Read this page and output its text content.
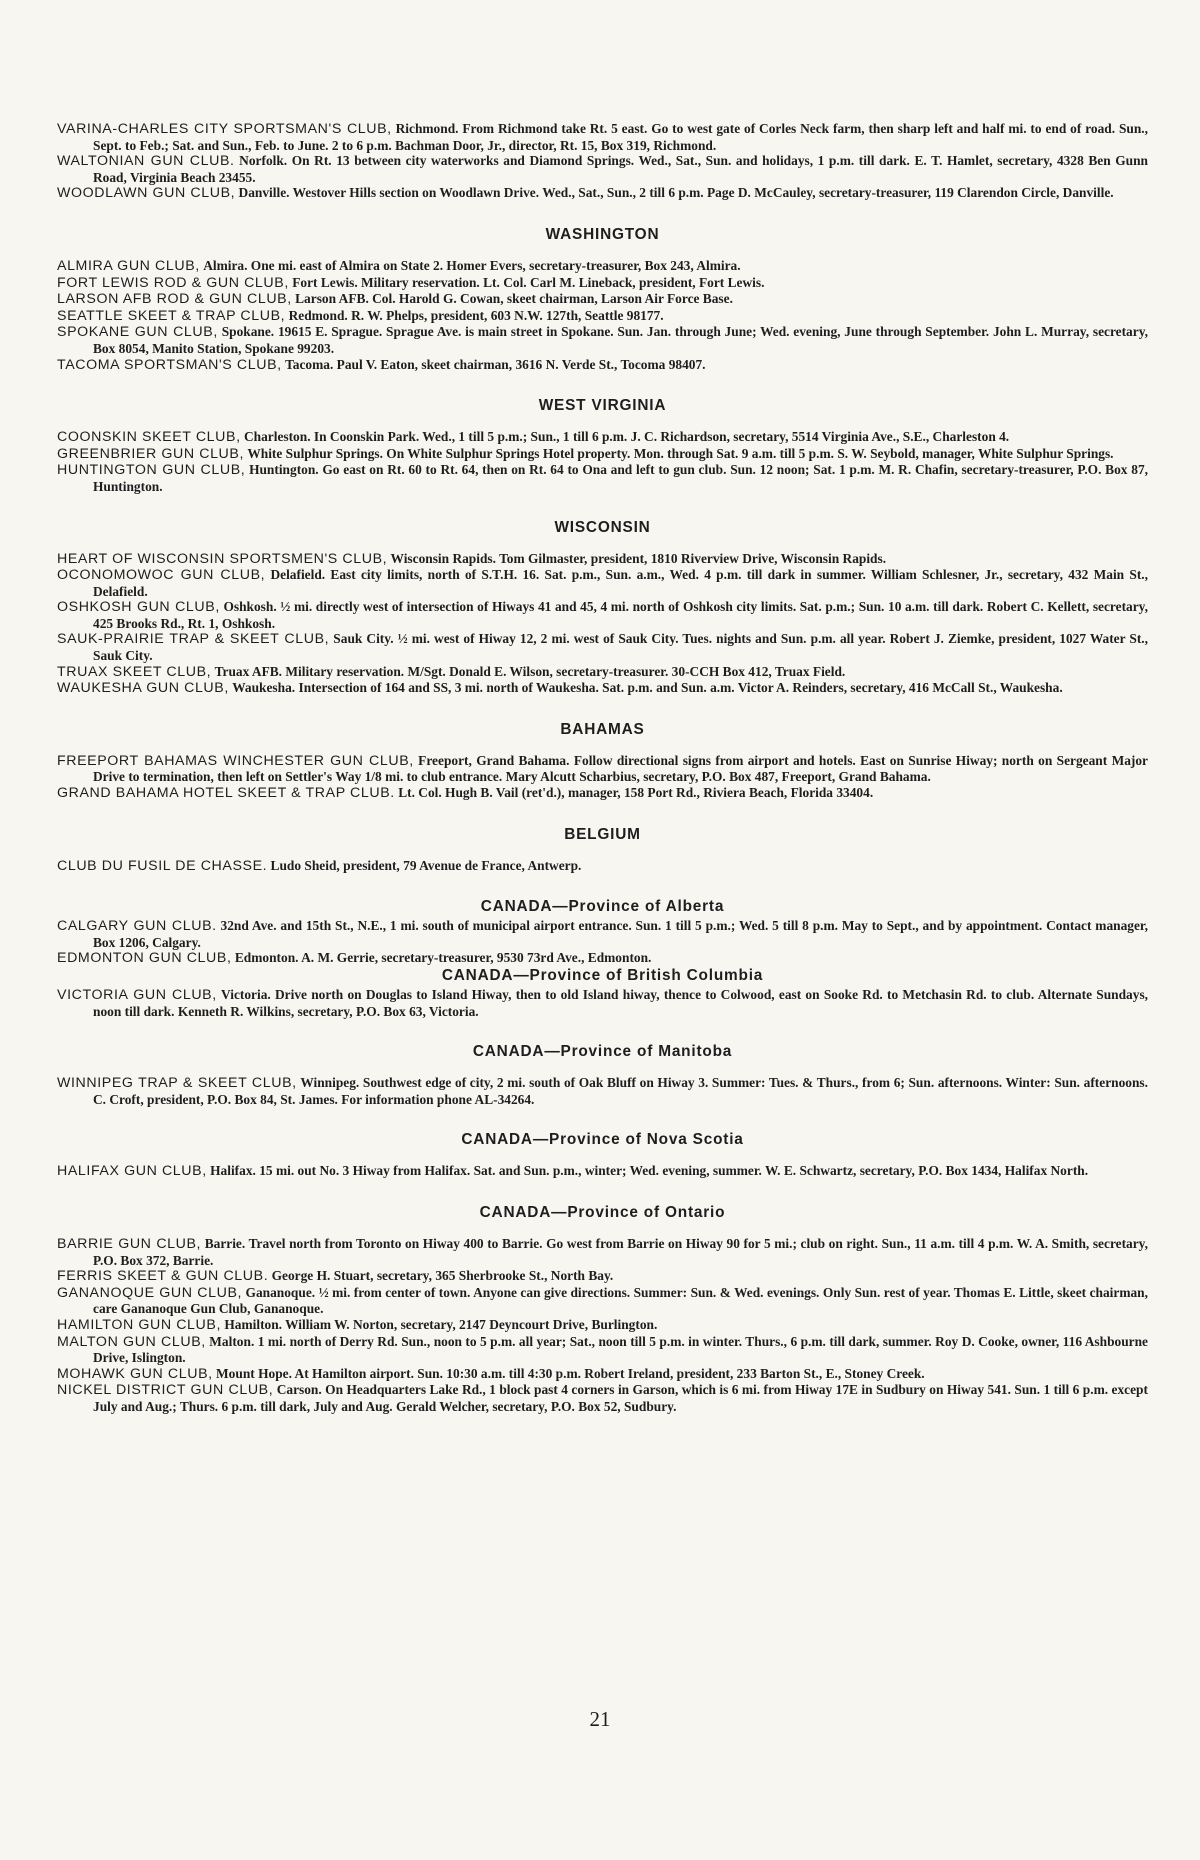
VARINA-CHARLES CITY SPORTSMAN'S CLUB, Richmond. From Richmond take Rt. 5 east. Go to west gate of Corles Neck farm, then sharp left and half mi. to end of road. Sun., Sept. to Feb.; Sat. and Sun., Feb. to June. 2 to 6 p.m. Bachman Door, Jr., director, Rt. 15, Box 319, Richmond.

WALTONIAN GUN CLUB. Norfolk. On Rt. 13 between city waterworks and Diamond Springs. Wed., Sat., Sun. and holidays, 1 p.m. till dark. E. T. Hamlet, secretary, 4328 Ben Gunn Road, Virginia Beach 23455.

WOODLAWN GUN CLUB, Danville. Westover Hills section on Woodlawn Drive. Wed., Sat., Sun., 2 till 6 p.m. Page D. McCauley, secretary-treasurer, 119 Clarendon Circle, Danville.

WASHINGTON

ALMIRA GUN CLUB, Almira. One mi. east of Almira on State 2. Homer Evers, secretary-treasurer, Box 243, Almira.

FORT LEWIS ROD & GUN CLUB, Fort Lewis. Military reservation. Lt. Col. Carl M. Lineback, president, Fort Lewis.

LARSON AFB ROD & GUN CLUB, Larson AFB. Col. Harold G. Cowan, skeet chairman, Larson Air Force Base.

SEATTLE SKEET & TRAP CLUB, Redmond. R. W. Phelps, president, 603 N.W. 127th, Seattle 98177.

SPOKANE GUN CLUB, Spokane. 19615 E. Sprague. Sprague Ave. is main street in Spokane. Sun. Jan. through June; Wed. evening, June through September. John L. Murray, secretary, Box 8054, Manito Station, Spokane 99203.

TACOMA SPORTSMAN'S CLUB, Tacoma. Paul V. Eaton, skeet chairman, 3616 N. Verde St., Tocoma 98407.

WEST VIRGINIA

COONSKIN SKEET CLUB, Charleston. In Coonskin Park. Wed., 1 till 5 p.m.; Sun., 1 till 6 p.m. J. C. Richardson, secretary, 5514 Virginia Ave., S.E., Charleston 4.

GREENBRIER GUN CLUB, White Sulphur Springs. On White Sulphur Springs Hotel property. Mon. through Sat. 9 a.m. till 5 p.m. S. W. Seybold, manager, White Sulphur Springs.

HUNTINGTON GUN CLUB, Huntington. Go east on Rt. 60 to Rt. 64, then on Rt. 64 to Ona and left to gun club. Sun. 12 noon; Sat. 1 p.m. M. R. Chafin, secretary-treasurer, P.O. Box 87, Huntington.

WISCONSIN

HEART OF WISCONSIN SPORTSMEN'S CLUB, Wisconsin Rapids. Tom Gilmaster, president, 1810 Riverview Drive, Wisconsin Rapids.

OCONOMOWOC GUN CLUB, Delafield. East city limits, north of S.T.H. 16. Sat. p.m., Sun. a.m., Wed. 4 p.m. till dark in summer. William Schlesner, Jr., secretary, 432 Main St., Delafield.

OSHKOSH GUN CLUB, Oshkosh. ½ mi. directly west of intersection of Hiways 41 and 45, 4 mi. north of Oshkosh city limits. Sat. p.m.; Sun. 10 a.m. till dark. Robert C. Kellett, secretary, 425 Brooks Rd., Rt. 1, Oshkosh.

SAUK-PRAIRIE TRAP & SKEET CLUB, Sauk City. ½ mi. west of Hiway 12, 2 mi. west of Sauk City. Tues. nights and Sun. p.m. all year. Robert J. Ziemke, president, 1027 Water St., Sauk City.

TRUAX SKEET CLUB, Truax AFB. Military reservation. M/Sgt. Donald E. Wilson, secretary-treasurer. 30-CCH Box 412, Truax Field.

WAUKESHA GUN CLUB, Waukesha. Intersection of 164 and SS, 3 mi. north of Waukesha. Sat. p.m. and Sun. a.m. Victor A. Reinders, secretary, 416 McCall St., Waukesha.

BAHAMAS

FREEPORT BAHAMAS WINCHESTER GUN CLUB, Freeport, Grand Bahama. Follow directional signs from airport and hotels. East on Sunrise Hiway; north on Sergeant Major Drive to termination, then left on Settler's Way 1/8 mi. to club entrance. Mary Alcutt Scharbius, secretary, P.O. Box 487, Freeport, Grand Bahama.

GRAND BAHAMA HOTEL SKEET & TRAP CLUB. Lt. Col. Hugh B. Vail (ret'd.), manager, 158 Port Rd., Riviera Beach, Florida 33404.

BELGIUM

CLUB DU FUSIL DE CHASSE. Ludo Sheid, president, 79 Avenue de France, Antwerp.

CANADA—Province of Alberta

CALGARY GUN CLUB. 32nd Ave. and 15th St., N.E., 1 mi. south of municipal airport entrance. Sun. 1 till 5 p.m.; Wed. 5 till 8 p.m. May to Sept., and by appointment. Contact manager, Box 1206, Calgary.

EDMONTON GUN CLUB, Edmonton. A. M. Gerrie, secretary-treasurer, 9530 73rd Ave., Edmonton.

CANADA—Province of British Columbia

VICTORIA GUN CLUB, Victoria. Drive north on Douglas to Island Hiway, then to old Island hiway, thence to Colwood, east on Sooke Rd. to Metchasin Rd. to club. Alternate Sundays, noon till dark. Kenneth R. Wilkins, secretary, P.O. Box 63, Victoria.

CANADA—Province of Manitoba

WINNIPEG TRAP & SKEET CLUB, Winnipeg. Southwest edge of city, 2 mi. south of Oak Bluff on Hiway 3. Summer: Tues. & Thurs., from 6; Sun. afternoons. Winter: Sun. afternoons. C. Croft, president, P.O. Box 84, St. James. For information phone AL-34264.

CANADA—Province of Nova Scotia

HALIFAX GUN CLUB, Halifax. 15 mi. out No. 3 Hiway from Halifax. Sat. and Sun. p.m., winter; Wed. evening, summer. W. E. Schwartz, secretary, P.O. Box 1434, Halifax North.

CANADA—Province of Ontario

BARRIE GUN CLUB, Barrie. Travel north from Toronto on Hiway 400 to Barrie. Go west from Barrie on Hiway 90 for 5 mi.; club on right. Sun., 11 a.m. till 4 p.m. W. A. Smith, secretary, P.O. Box 372, Barrie.

FERRIS SKEET & GUN CLUB. George H. Stuart, secretary, 365 Sherbrooke St., North Bay.

GANANOQUE GUN CLUB, Gananoque. ½ mi. from center of town. Anyone can give directions. Summer: Sun. & Wed. evenings. Only Sun. rest of year. Thomas E. Little, skeet chairman, care Gananoque Gun Club, Gananoque.

HAMILTON GUN CLUB, Hamilton. William W. Norton, secretary, 2147 Deyncourt Drive, Burlington.

MALTON GUN CLUB, Malton. 1 mi. north of Derry Rd. Sun., noon to 5 p.m. all year; Sat., noon till 5 p.m. in winter. Thurs., 6 p.m. till dark, summer. Roy D. Cooke, owner, 116 Ashbourne Drive, Islington.

MOHAWK GUN CLUB, Mount Hope. At Hamilton airport. Sun. 10:30 a.m. till 4:30 p.m. Robert Ireland, president, 233 Barton St., E., Stoney Creek.

NICKEL DISTRICT GUN CLUB, Carson. On Headquarters Lake Rd., 1 block past 4 corners in Garson, which is 6 mi. from Hiway 17E in Sudbury on Hiway 541. Sun. 1 till 6 p.m. except July and Aug.; Thurs. 6 p.m. till dark, July and Aug. Gerald Welcher, secretary, P.O. Box 52, Sudbury.

21
